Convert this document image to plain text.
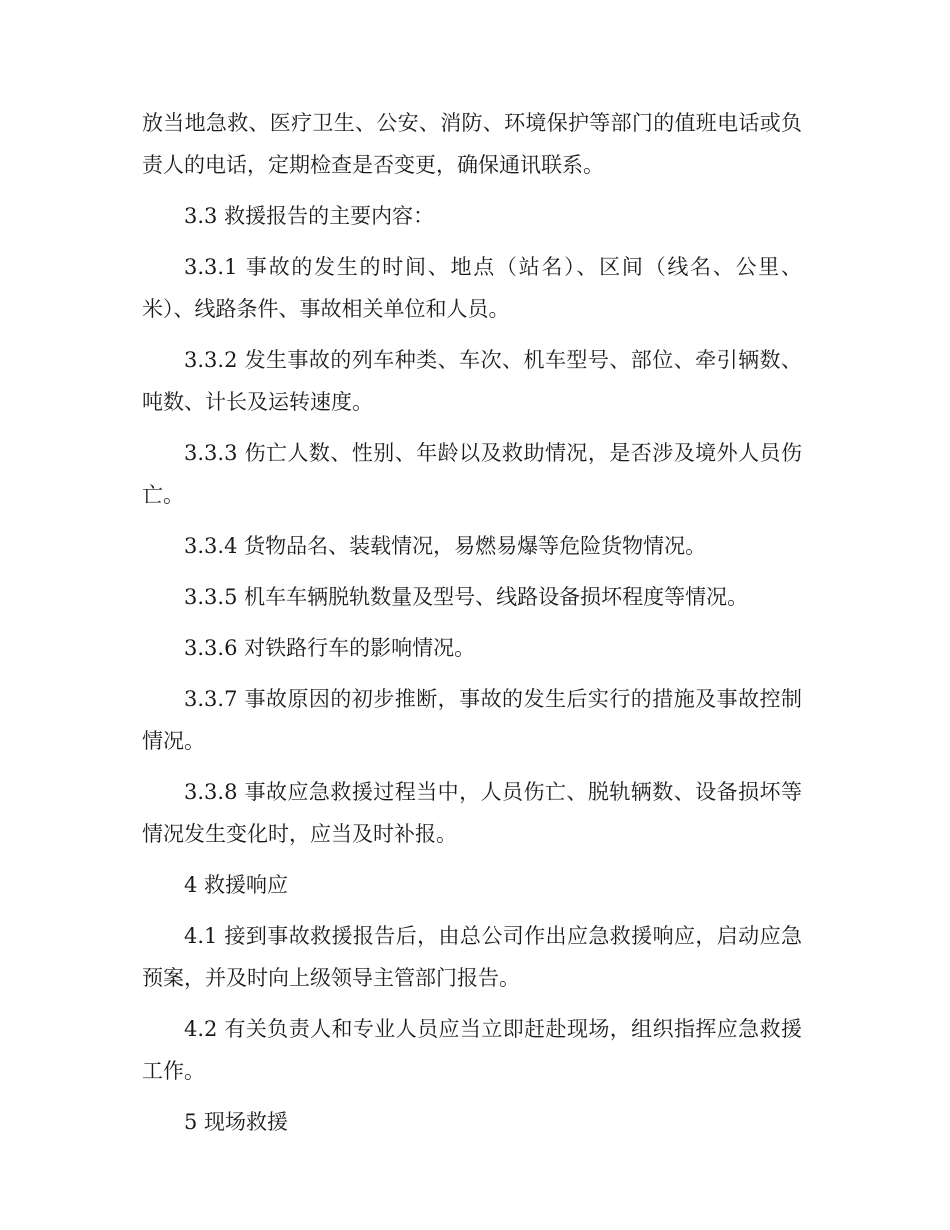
放当地急救、医疗卫生、公安、消防、环境保护等部门的值班电话或负责人的电话，定期检查是否变更，确保通讯联系。

3.3 救援报告的主要内容：

3.3.1 事故的发生的时间、地点（站名）、区间（线名、公里、米）、线路条件、事故相关单位和人员。

3.3.2 发生事故的列车种类、车次、机车型号、部位、牵引辆数、吨数、计长及运转速度。

3.3.3 伤亡人数、性别、年龄以及救助情况，是否涉及境外人员伤亡。

3.3.4 货物品名、装载情况，易燃易爆等危险货物情况。

3.3.5 机车车辆脱轨数量及型号、线路设备损坏程度等情况。

3.3.6 对铁路行车的影响情况。

3.3.7 事故原因的初步推断，事故的发生后实行的措施及事故控制情况。

3.3.8 事故应急救援过程当中，人员伤亡、脱轨辆数、设备损坏等情况发生变化时，应当及时补报。

4 救援响应

4.1 接到事故救援报告后，由总公司作出应急救援响应，启动应急预案，并及时向上级领导主管部门报告。

4.2 有关负责人和专业人员应当立即赶赴现场，组织指挥应急救援工作。

5 现场救援
